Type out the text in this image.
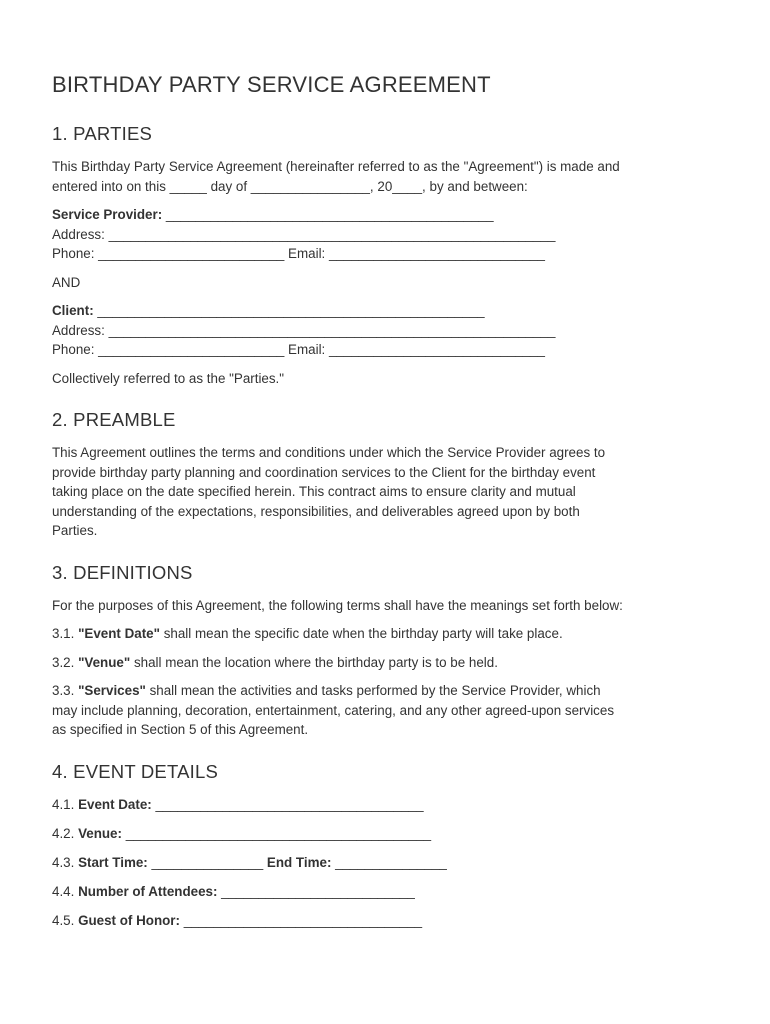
BIRTHDAY PARTY SERVICE AGREEMENT
1. PARTIES

This Birthday Party Service Agreement (hereinafter referred to as the "Agreement") is made and

entered into on this _____ day of ________________, 20____, by and between:

Service Provider: ____________________________________________

Address: ____________________________________________________________

Phone: _________________________ Email: _____________________________

AND

Client: ____________________________________________________

Address: ____________________________________________________________

Phone: _________________________ Email: _____________________________

Collectively referred to as the "Parties."

2. PREAMBLE

This Agreement outlines the terms and conditions under which the Service Provider agrees to

provide birthday party planning and coordination services to the Client for the birthday event

taking place on the date specified herein. This contract aims to ensure clarity and mutual

understanding of the expectations, responsibilities, and deliverables agreed upon by both

Parties.

3. DEFINITIONS

For the purposes of this Agreement, the following terms shall have the meanings set forth below:

3.1. "Event Date" shall mean the specific date when the birthday party will take place.

3.2. "Venue" shall mean the location where the birthday party is to be held.

3.3. "Services" shall mean the activities and tasks performed by the Service Provider, which

may include planning, decoration, entertainment, catering, and any other agreed-upon services

as specified in Section 5 of this Agreement.

4. EVENT DETAILS

4.1. Event Date: ____________________________________

4.2. Venue: _________________________________________

4.3. Start Time: _______________ End Time: _______________

4.4. Number of Attendees: __________________________

4.5. Guest of Honor: ________________________________
